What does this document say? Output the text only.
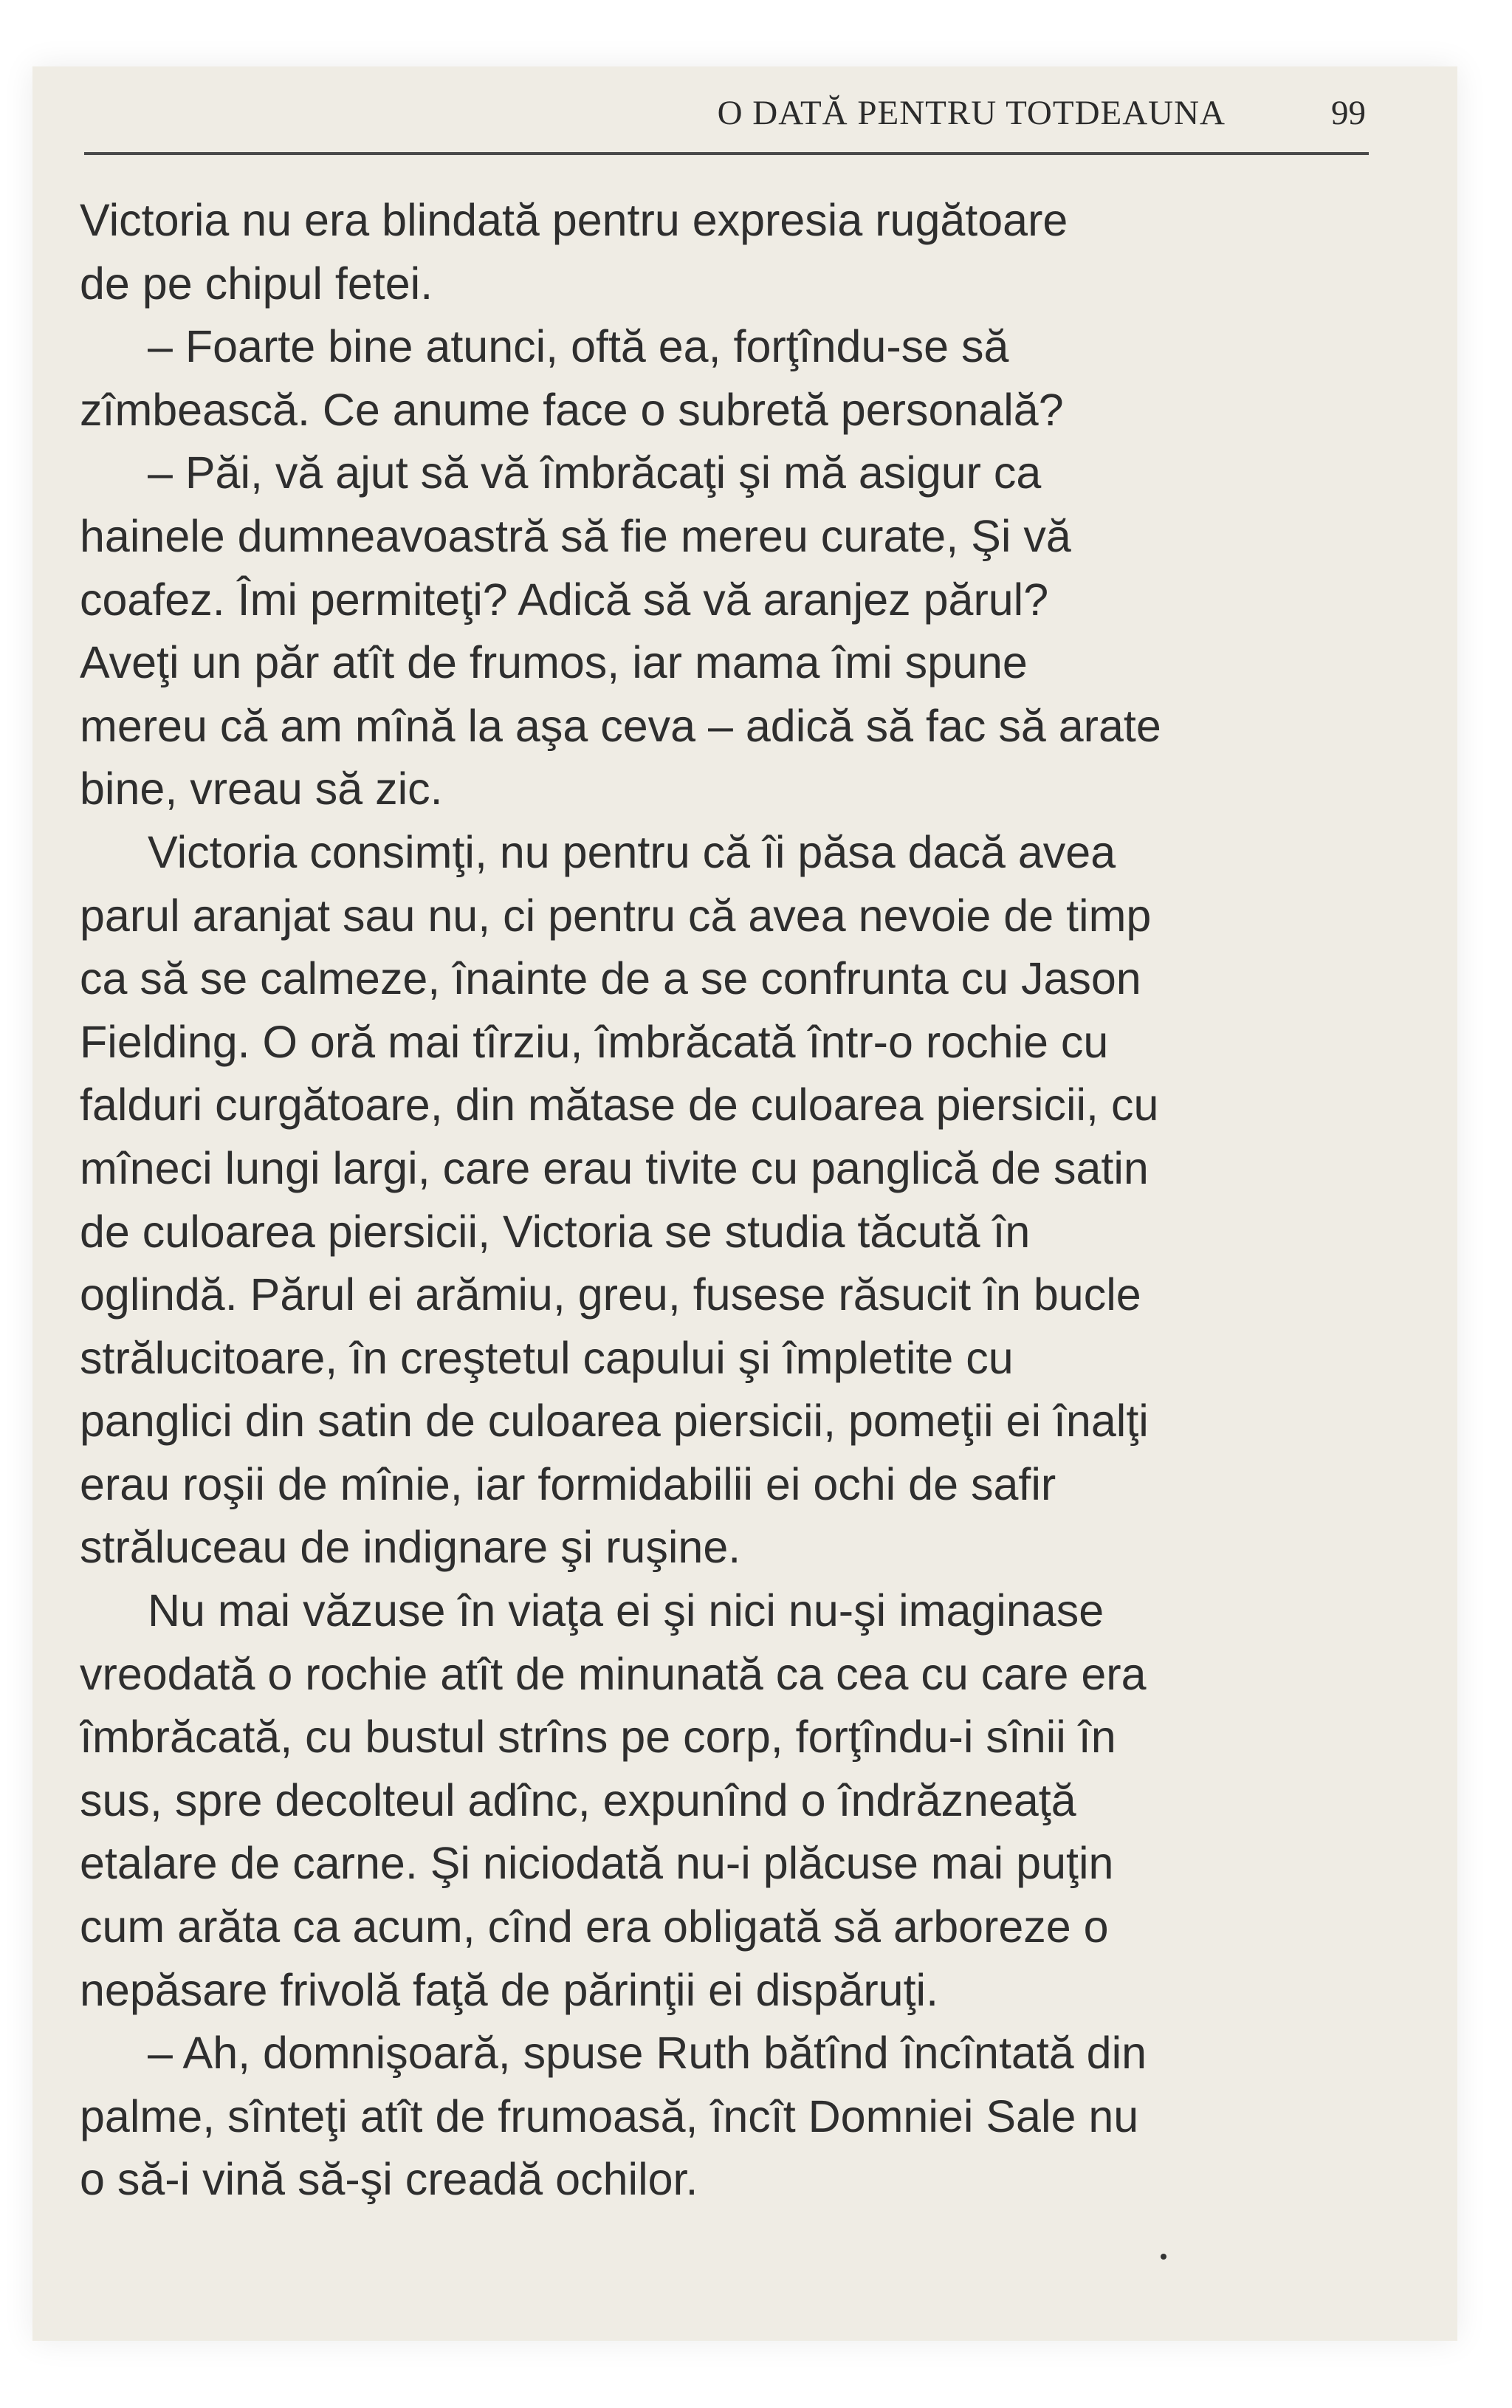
O DATĂ PENTRU TOTDEAUNA	99
Victoria nu era blindată pentru expresia rugătoare
de pe chipul fetei.
– Foarte bine atunci, oftă ea, forţîndu-se să
zîmbească. Ce anume face o subretă personală?
– Păi, vă ajut să vă îmbrăcaţi şi mă asigur ca
hainele dumneavoastră să fie mereu curate, Şi vă
coafez. Îmi permiteţi? Adică să vă aranjez părul?
Aveţi un păr atît de frumos, iar mama îmi spune
mereu că am mînă la aşa ceva – adică să fac să arate
bine, vreau să zic.
Victoria consimţi, nu pentru că îi păsa dacă avea
parul aranjat sau nu, ci pentru că avea nevoie de timp
ca să se calmeze, înainte de a se confrunta cu Jason
Fielding. O oră mai tîrziu, îmbrăcată într-o rochie cu
falduri curgătoare, din mătase de culoarea piersicii, cu
mîneci lungi largi, care erau tivite cu panglică de satin
de culoarea piersicii, Victoria se studia tăcută în
oglindă. Părul ei arămiu, greu, fusese răsucit în bucle
strălucitoare, în creştetul capului şi împletite cu
panglici din satin de culoarea piersicii, pomeţii ei înalţi
erau roşii de mînie, iar formidabilii ei ochi de safir
străluceau de indignare şi ruşine.
Nu mai văzuse în viaţa ei şi nici nu-şi imaginase
vreodată o rochie atît de minunată ca cea cu care era
îmbrăcată, cu bustul strîns pe corp, forţîndu-i sînii în
sus, spre decolteul adînc, expunînd o îndrăzneaţă
etalare de carne. Şi niciodată nu-i plăcuse mai puţin
cum arăta ca acum, cînd era obligată să arboreze o
nepăsare frivolă faţă de părinţii ei dispăruţi.
– Ah, domnişoară, spuse Ruth bătînd încîntată din
palme, sînteţi atît de frumoasă, încît Domniei Sale nu
o să-i vină să-şi creadă ochilor.
